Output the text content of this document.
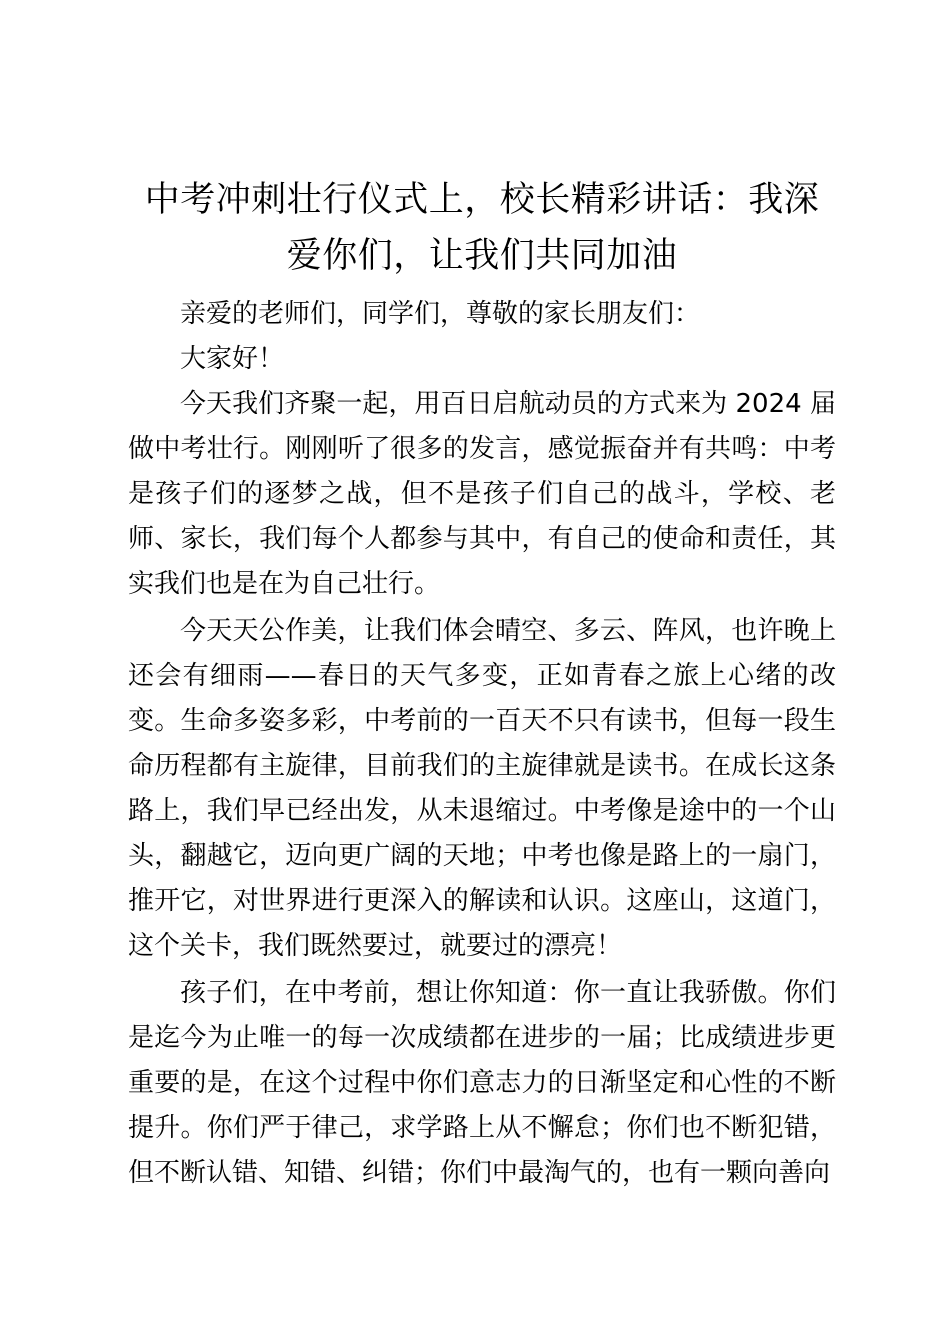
中考冲刺壮行仪式上，校长精彩讲话：我深爱你们，让我们共同加油

亲爱的老师们，同学们，尊敬的家长朋友们：

大家好！

今天我们齐聚一起，用百日启航动员的方式来为 2024 届做中考壮行。刚刚听了很多的发言，感觉振奋并有共鸣：中考是孩子们的逐梦之战，但不是孩子们自己的战斗，学校、老师、家长，我们每个人都参与其中，有自己的使命和责任，其实我们也是在为自己壮行。

今天天公作美，让我们体会晴空、多云、阵风，也许晚上还会有细雨——春日的天气多变，正如青春之旅上心绪的改变。生命多姿多彩，中考前的一百天不只有读书，但每一段生命历程都有主旋律，目前我们的主旋律就是读书。在成长这条路上，我们早已经出发，从未退缩过。中考像是途中的一个山头，翻越它，迈向更广阔的天地；中考也像是路上的一扇门，推开它，对世界进行更深入的解读和认识。这座山，这道门，这个关卡，我们既然要过，就要过的漂亮！

孩子们，在中考前，想让你知道：你一直让我骄傲。你们是迄今为止唯一的每一次成绩都在进步的一届；比成绩进步更重要的是，在这个过程中你们意志力的日渐坚定和心性的不断提升。你们严于律己，求学路上从不懈怠；你们也不断犯错，但不断认错、知错、纠错；你们中最淘气的，也有一颗向善向
